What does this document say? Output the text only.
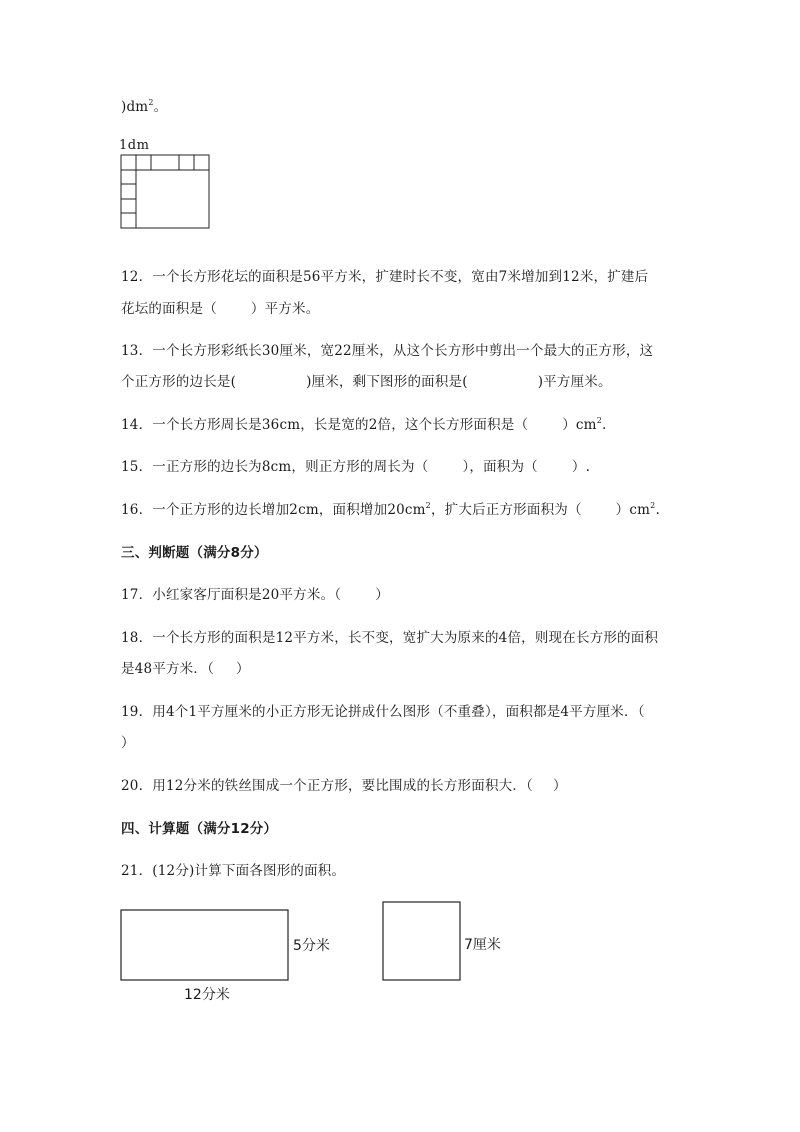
)$dm^2$。
1dm
12．一个长方形花坛的面积是56平方米，扩建时长不变，宽由7米增加到12米，扩建后
花坛的面积是（	）平方米。
13．一个长方形彩纸长30厘米，宽22厘米，从这个长方形中剪出一个最大的正方形，这
个正方形的边长是(	)厘米，剩下图形的面积是(	)平方厘米。
14．一个长方形周长是36cm，长是宽的2倍，这个长方形面积是（	）$cm^2$.
15．一正方形的边长为8cm，则正方形的周长为（	），面积为（	）.
16．一个正方形的边长增加2cm，面积增加$20cm^2$，扩大后正方形面积为（	）$cm^2$.
三、判断题（满分8分）
17．小红家客厅面积是20平方米。（	）
18．一个长方形的面积是12平方米，长不变，宽扩大为原来的4倍，则现在长方形的面积
是48平方米．（ ）
19．用4个1平方厘米的小正方形无论拼成什么图形（不重叠），面积都是4平方厘米．（
）
20．用12分米的铁丝围成一个正方形，要比围成的长方形面积大．（ ）
四、计算题（满分12分）
21．(12分)计算下面各图形的面积。
5分米
12分米
7厘米
